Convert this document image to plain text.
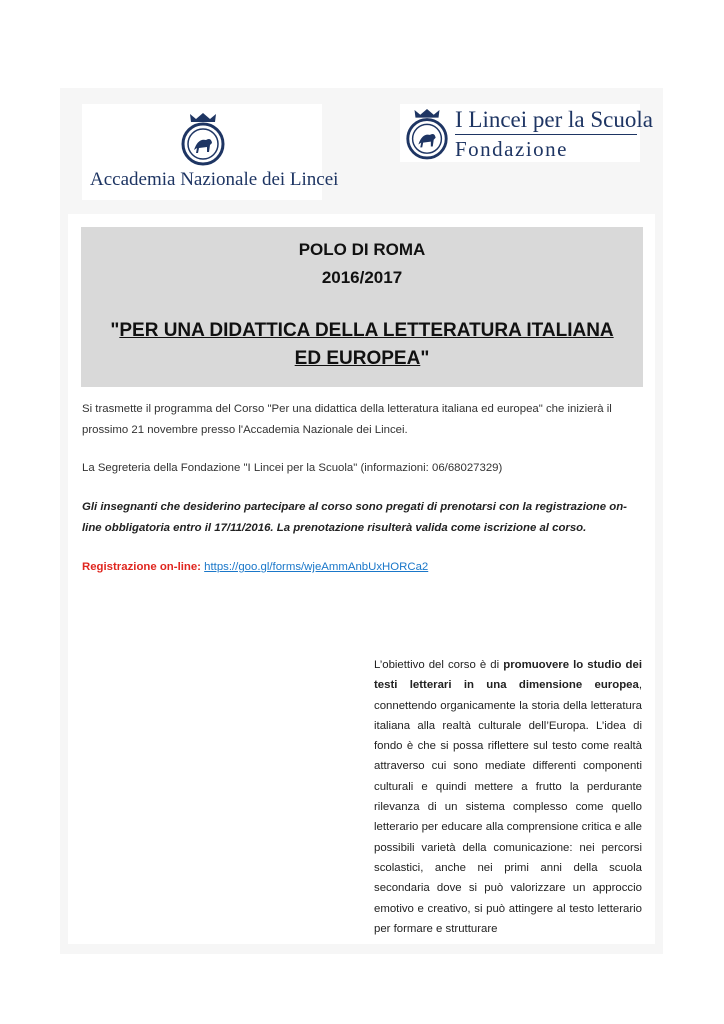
Accademia Nazionale dei Lincei
I Lincei per la Scuola
Fondazione
POLO DI ROMA
2016/2017
"PER UNA DIDATTICA DELLA LETTERATURA ITALIANA
ED EUROPEA"

Si trasmette il programma del Corso "Per una didattica della letteratura italiana ed europea" che inizierà il prossimo 21 novembre presso l'Accademia Nazionale dei Lincei.

La Segreteria della Fondazione "I Lincei per la Scuola" (informazioni: 06/68027329)

Gli insegnanti che desiderino partecipare al corso sono pregati di prenotarsi con la registrazione on-line obbligatoria entro il 17/11/2016. La prenotazione risulterà valida come iscrizione al corso.

Registrazione on-line: https://goo.gl/forms/wjeAmmAnbUxHORCa2

L’obiettivo del corso è di promuovere lo studio dei testi letterari in una dimensione europea, connettendo organicamente la storia della letteratura italiana alla realtà culturale dell’Europa. L’idea di fondo è che si possa riflettere sul testo come realtà attraverso cui sono mediate differenti componenti culturali e quindi mettere a frutto la perdurante rilevanza di un sistema complesso come quello letterario per educare alla comprensione critica e alle possibili varietà della comunicazione: nei percorsi scolastici, anche nei primi anni della scuola secondaria dove si può valorizzare un approccio emotivo e creativo, si può attingere al testo letterario per formare e strutturare
